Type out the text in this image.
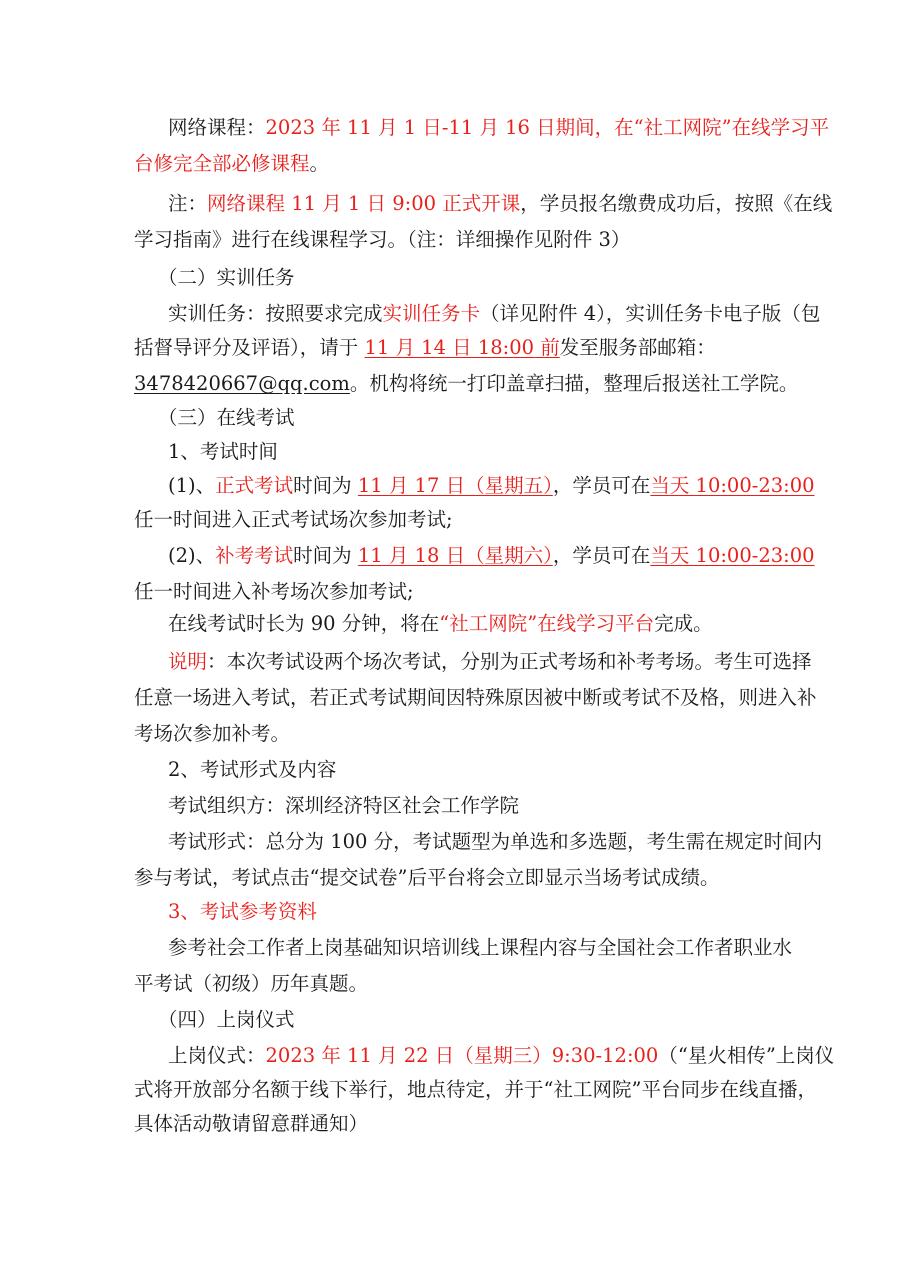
网络课程：2023 年 11 月 1 日-11 月 16 日期间，在“社工网院”在线学习平
台修完全部必修课程。
注：网络课程 11 月 1 日 9:00 正式开课，学员报名缴费成功后，按照《在线
学习指南》进行在线课程学习。（注：详细操作见附件 3）
（二）实训任务
实训任务：按照要求完成实训任务卡（详见附件 4），实训任务卡电子版（包
括督导评分及评语），请于 11 月 14 日 18:00 前发至服务部邮箱：
3478420667@qq.com。机构将统一打印盖章扫描，整理后报送社工学院。
（三）在线考试
1、考试时间
(1)、正式考试时间为 11 月 17 日（星期五），学员可在当天 10:00-23:00
任一时间进入正式考试场次参加考试;
(2)、补考考试时间为 11 月 18 日（星期六），学员可在当天 10:00-23:00
任一时间进入补考场次参加考试;
在线考试时长为 90 分钟，将在“社工网院”在线学习平台完成。
说明：本次考试设两个场次考试，分别为正式考场和补考考场。考生可选择
任意一场进入考试，若正式考试期间因特殊原因被中断或考试不及格，则进入补
考场次参加补考。
2、考试形式及内容
考试组织方：深圳经济特区社会工作学院
考试形式：总分为 100 分，考试题型为单选和多选题，考生需在规定时间内
参与考试，考试点击“提交试卷”后平台将会立即显示当场考试成绩。
3、考试参考资料
参考社会工作者上岗基础知识培训线上课程内容与全国社会工作者职业水
平考试（初级）历年真题。
（四）上岗仪式
上岗仪式：2023 年 11 月 22 日（星期三）9:30-12:00（“星火相传”上岗仪
式将开放部分名额于线下举行，地点待定，并于“社工网院”平台同步在线直播，
具体活动敬请留意群通知）
